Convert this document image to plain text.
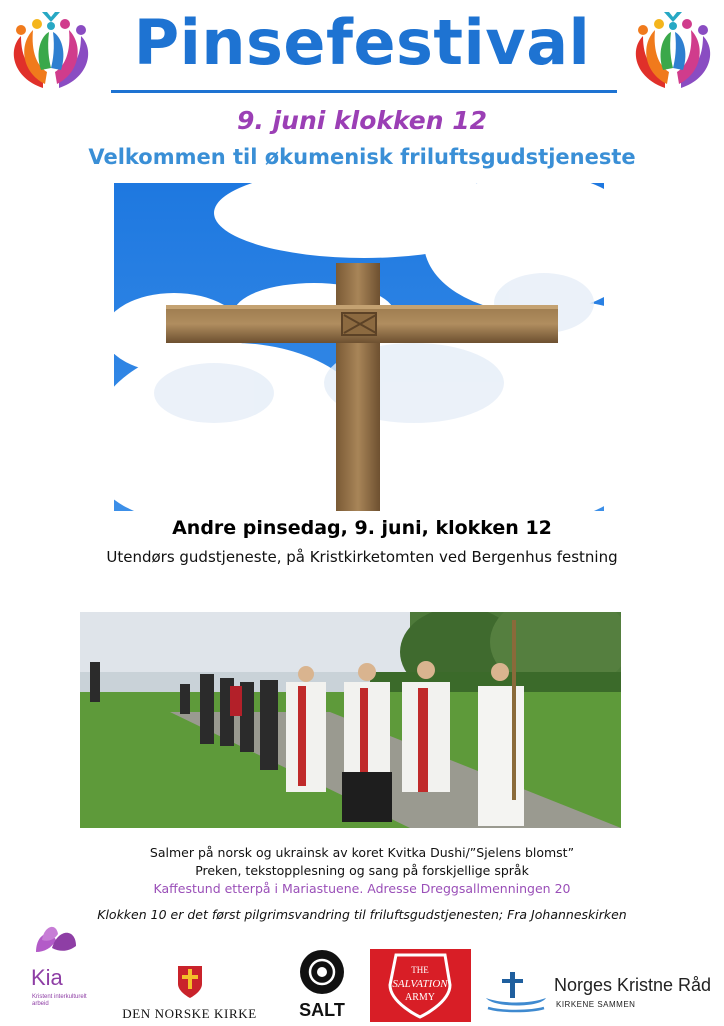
Pinsefestival
9. juni klokken 12
Velkommen til økumenisk friluftsgudstjeneste
Andre pinsedag, 9. juni, klokken 12
Utendørs gudstjeneste, på Kristkirketomten ved Bergenhus festning
Salmer på norsk og ukrainsk av koret Kvitka Dushi/”Sjelens blomst”
Preken, tekstopplesning og sang på forskjellige språk
Kaffestund etterpå i Mariastuene. Adresse Dreggsallmenningen 20
Klokken 10 er det først pilgrimsvandring til friluftsgudstjenesten; Fra Johanneskirken
Kia
Kristent interkulturelt arbeid
DEN NORSKE KIRKE	SALT
THE
SALVATION
ARMY
Norges Kristne Råd
KIRKENE SAMMEN
